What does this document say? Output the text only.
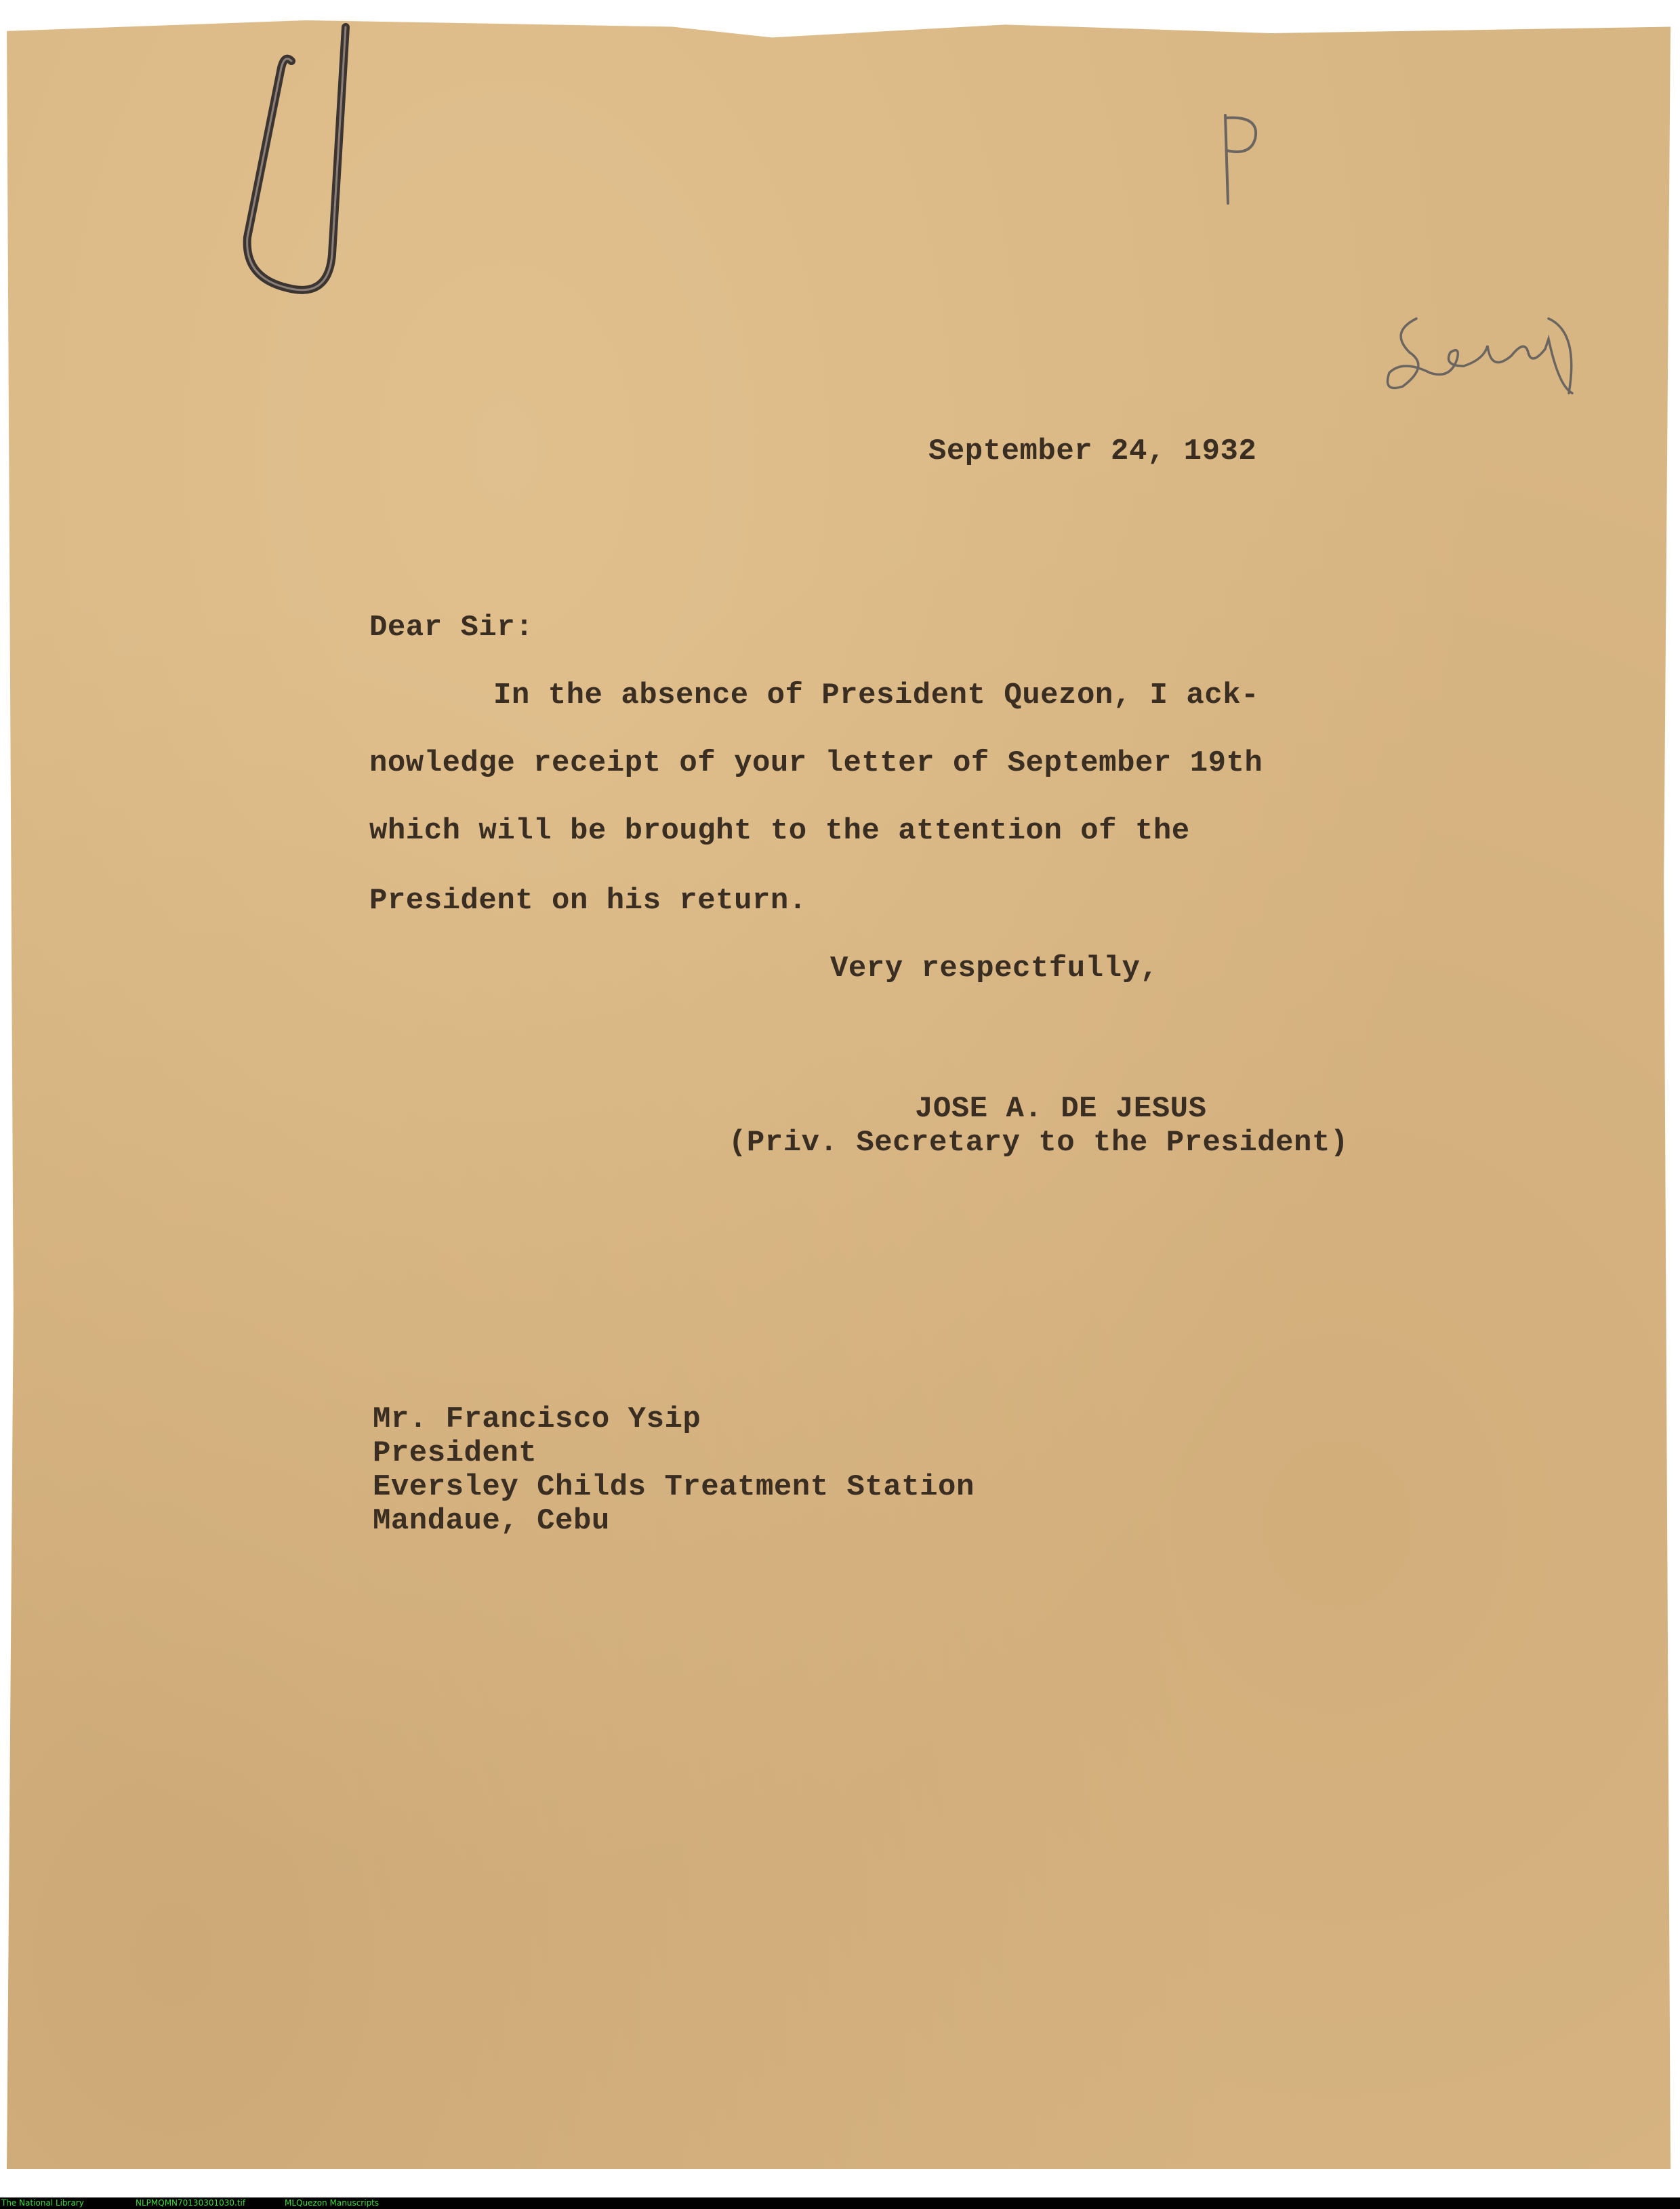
September 24, 1932

Dear Sir:

In the absence of President Quezon, I ack-

nowledge receipt of your letter of September 19th

which will be brought to the attention of the

President on his return.

Very respectfully,

JOSE A. DE JESUS

(Priv. Secretary to the President)

Mr. Francisco Ysip

President

Eversley Childs Treatment Station

Mandaue, Cebu

The National Library

	NLPMQMN70130301030.tif

	MLQuezon Manuscripts
